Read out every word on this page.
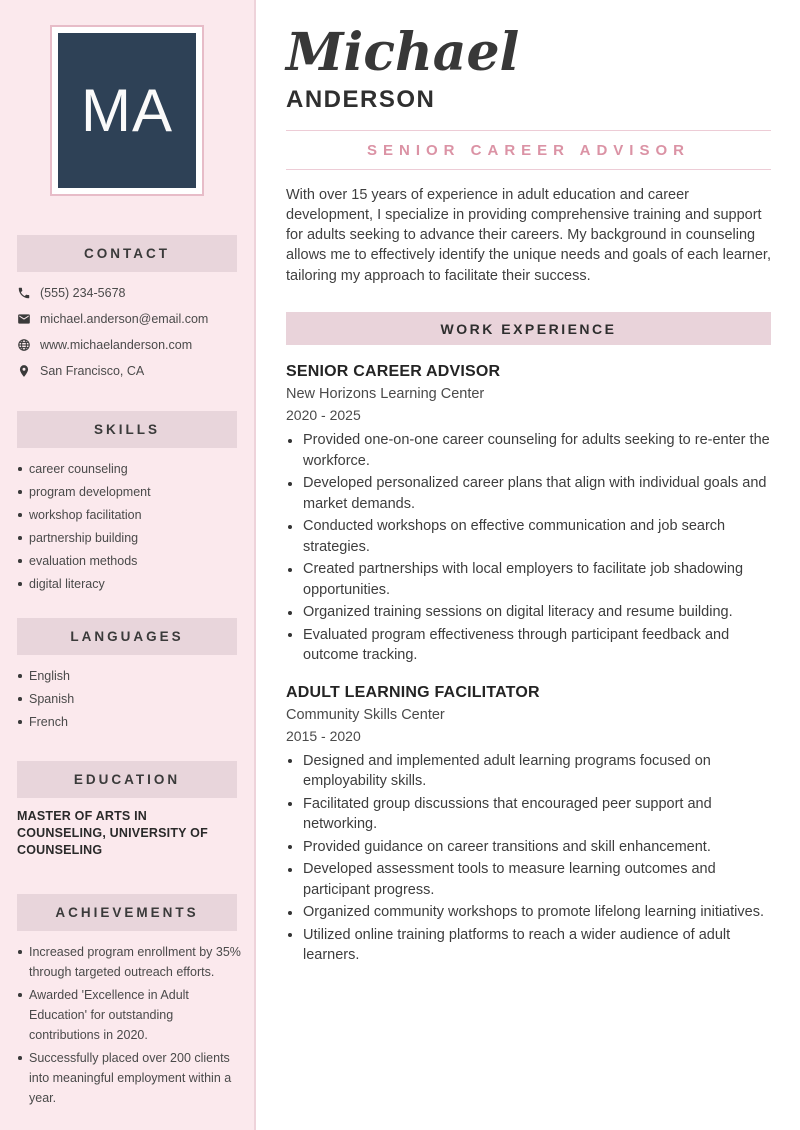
MA
CONTACT
(555) 234-5678
michael.anderson@email.com
www.michaelanderson.com
San Francisco, CA
SKILLS
career counseling
program development
workshop facilitation
partnership building
evaluation methods
digital literacy
LANGUAGES
English
Spanish
French
EDUCATION
MASTER OF ARTS IN COUNSELING, UNIVERSITY OF COUNSELING
ACHIEVEMENTS
Increased program enrollment by 35% through targeted outreach efforts.
Awarded 'Excellence in Adult Education' for outstanding contributions in 2020.
Successfully placed over 200 clients into meaningful employment within a year.
Michael
ANDERSON
SENIOR CAREER ADVISOR

With over 15 years of experience in adult education and career development, I specialize in providing comprehensive training and support for adults seeking to advance their careers. My background in counseling allows me to effectively identify the unique needs and goals of each learner, tailoring my approach to facilitate their success.

WORK EXPERIENCE
SENIOR CAREER ADVISOR
New Horizons Learning Center
2020 - 2025
Provided one-on-one career counseling for adults seeking to re-enter the workforce.
Developed personalized career plans that align with individual goals and market demands.
Conducted workshops on effective communication and job search strategies.
Created partnerships with local employers to facilitate job shadowing opportunities.
Organized training sessions on digital literacy and resume building.
Evaluated program effectiveness through participant feedback and outcome tracking.
ADULT LEARNING FACILITATOR
Community Skills Center
2015 - 2020
Designed and implemented adult learning programs focused on employability skills.
Facilitated group discussions that encouraged peer support and networking.
Provided guidance on career transitions and skill enhancement.
Developed assessment tools to measure learning outcomes and participant progress.
Organized community workshops to promote lifelong learning initiatives.
Utilized online training platforms to reach a wider audience of adult learners.
